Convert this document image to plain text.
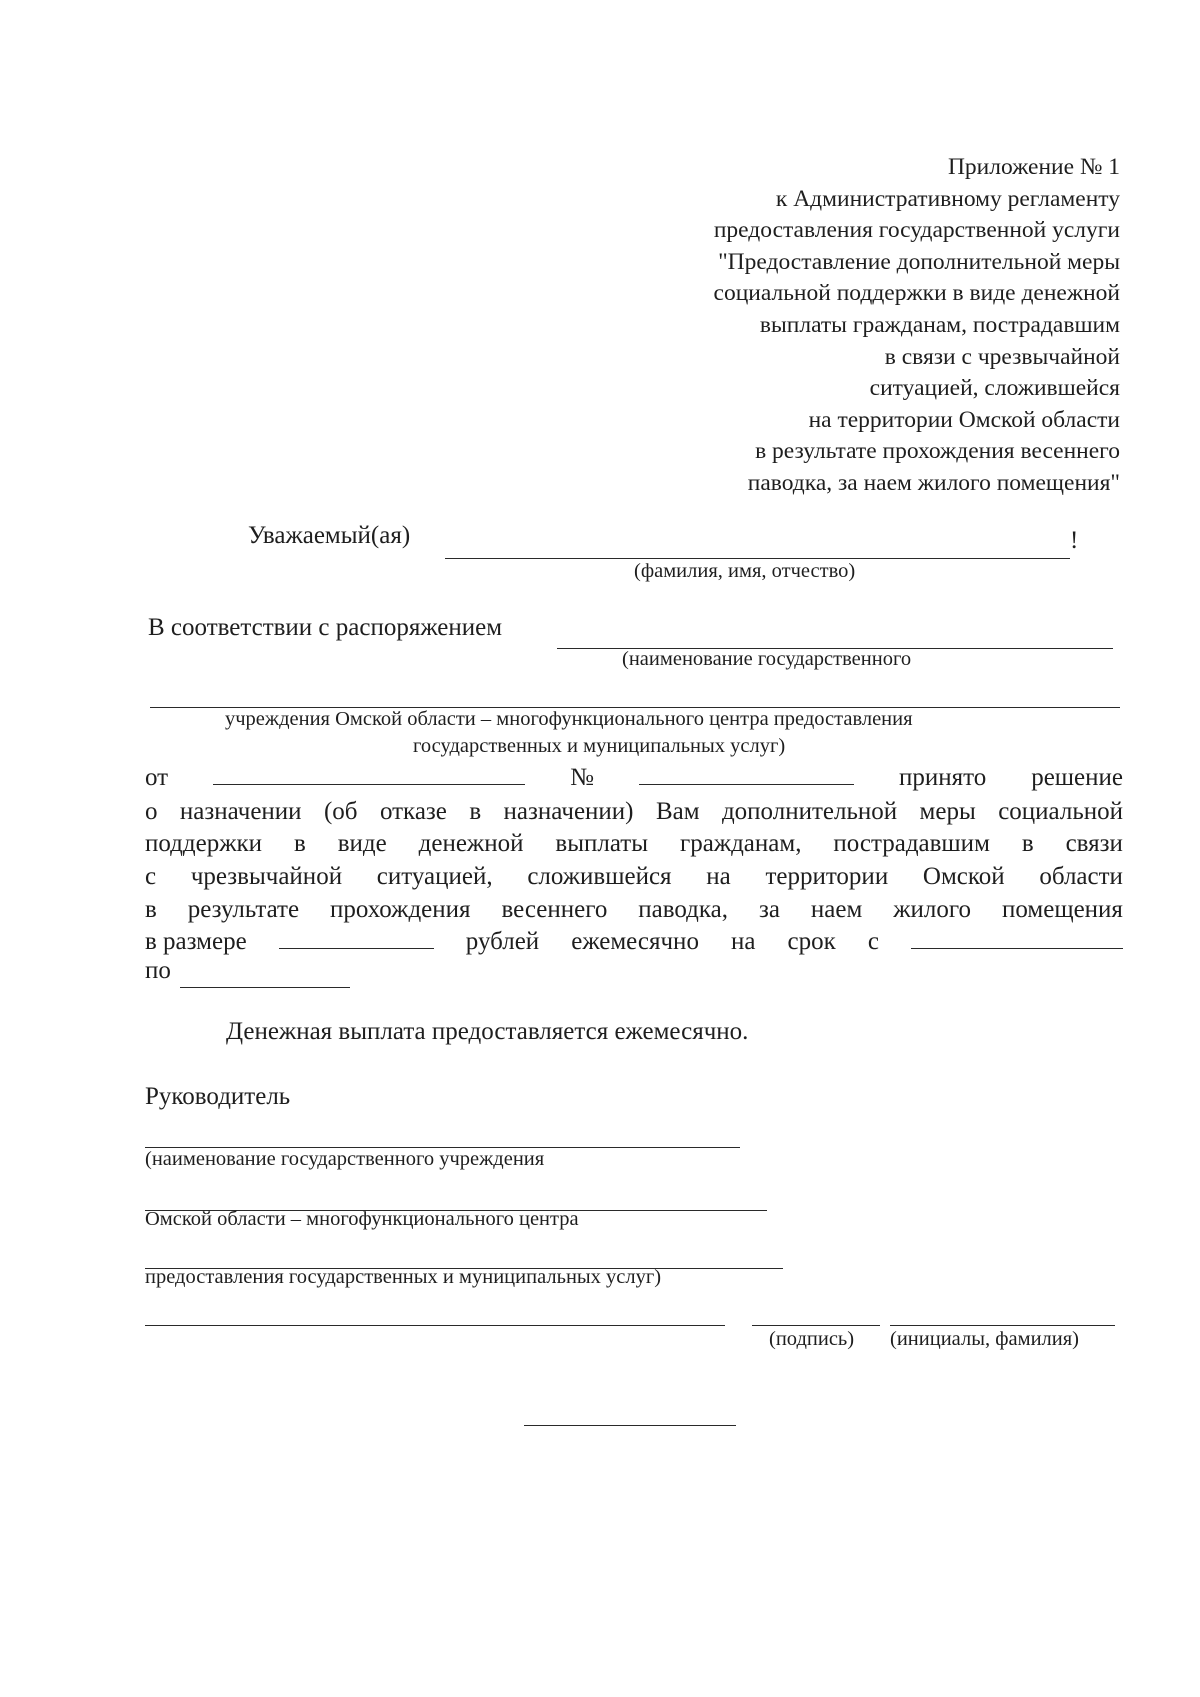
Приложение № 1
к Административному регламенту
предоставления государственной услуги
"Предоставление дополнительной меры
социальной поддержки в виде денежной
выплаты гражданам, пострадавшим
в связи с чрезвычайной
ситуацией, сложившейся
на территории Омской области
в результате прохождения весеннего
паводка, за наем жилого помещения"
Уважаемый(ая)	!
(фамилия, имя, отчество)
В соответствии с распоряжением
(наименование государственного
учреждения Омской области – многофункционального центра предоставления
государственных и муниципальных услуг)
от	№	принято решение
о назначении (об отказе в назначении) Вам дополнительной меры социальной
поддержки в виде денежной выплаты гражданам, пострадавшим в связи
с чрезвычайной ситуацией, сложившейся на территории Омской области
в результате прохождения весеннего паводка, за наем жилого помещения
в размере	рублей ежемесячно на срок с
по
Денежная выплата предоставляется ежемесячно.
Руководитель
(наименование государственного учреждения
Омской области – многофункционального центра
предоставления государственных и муниципальных услуг)
(подпись) (инициалы, фамилия)
